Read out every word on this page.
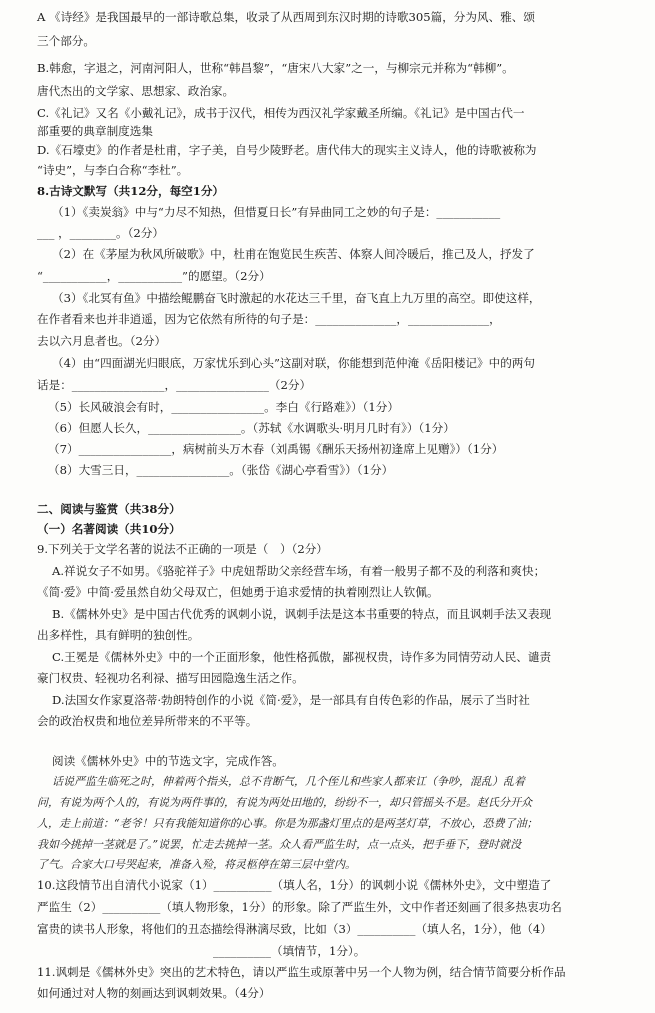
A 《诗经》是我国最早的一部诗歌总集，收录了从西周到东汉时期的诗歌305篇，分为风、雅、颂
三个部分。
B.韩愈，字退之，河南河阳人，世称“韩昌黎”，“唐宋八大家”之一，与柳宗元并称为“韩柳”。
唐代杰出的文学家、思想家、政治家。
C.《礼记》又名《小戴礼记》，成书于汉代，相传为西汉礼学家戴圣所编。《礼记》是中国古代一
部重要的典章制度选集
D.《石壕吏》的作者是杜甫，字子美，自号少陵野老。唐代伟大的现实主义诗人，他的诗歌被称为
“诗史”，与李白合称“李杜”。
8.古诗文默写（共12分，每空1分）
（1）《卖炭翁》中与“力尽不知热，但惜夏日长”有异曲同工之妙的句子是：___________
___ ，________。（2分）
（2）在《茅屋为秋风所破歌》中，杜甫在饱览民生疾苦、体察人间冷暖后，推己及人，抒发了
“___________，___________”的愿望。（2分）
（3）《北冥有鱼》中描绘鲲鹏奋飞时激起的水花达三千里，奋飞直上九万里的高空。即使这样，
在作者看来也并非逍遥，因为它依然有所待的句子是：______________，______________，
去以六月息者也。（2分）
（4）由“四面湖光归眼底，万家忧乐到心头”这副对联，你能想到范仲淹《岳阳楼记》中的两句
话是：________________，________________（2分）
（5）长风破浪会有时，________________。李白《行路难》）（1分）
（6）但愿人长久，________________。（苏轼《水调歌头·明月几时有》）（1分）
（7）________________，病树前头万木春（刘禹锡《酬乐天扬州初逢席上见赠》）（1分）
（8）大雪三日，________________。（张岱《湖心亭看雪》）（1分）
二、阅读与鉴赏（共38分）
（一）名著阅读（共10分）
9.下列关于文学名著的说法不正确的一项是（　）（2分）
A.祥说女子不如男。《骆驼祥子》中虎妞帮助父亲经营车场，有着一般男子都不及的利落和爽快；
《简·爱》中简·爱虽然自幼父母双亡，但她勇于追求爱情的执着刚烈让人钦佩。
B.《儒林外史》是中国古代优秀的讽刺小说，讽刺手法是这本书重要的特点，而且讽刺手法又表现
出多样性，具有鲜明的独创性。
C.王冕是《儒林外史》中的一个正面形象，他性格孤傲，鄙视权贵，诗作多为同情劳动人民、谴责
豪门权贵、轻视功名利禄、描写田园隐逸生活之作。
D.法国女作家夏洛蒂·勃朗特创作的小说《简·爱》，是一部具有自传色彩的作品，展示了当时社
会的政治权贵和地位差异所带来的不平等。
阅读《儒林外史》中的节选文字，完成作答。
话说严监生临死之时，伸着两个指头，总不肯断气，几个侄儿和些家人都来讧（争吵，混乱）乱着
问，有说为两个人的，有说为两件事的，有说为两处田地的，纷纷不一，却只管摇头不是。赵氏分开众
人，走上前道：“老爷！只有我能知道你的心事。你是为那盏灯里点的是两茎灯草，不放心，恐费了油；
我如今挑掉一茎就是了。”说罢，忙走去挑掉一茎。众人看严监生时，点一点头，把手垂下，登时就没
了气。合家大口号哭起来，准备入殓，将灵柩停在第三层中堂内。
10.这段情节出自清代小说家（1）__________（填人名，1分）的讽刺小说《儒林外史》，文中塑造了
严监生（2）__________（填人物形象，1分）的形象。除了严监生外，文中作者还刻画了很多热衷功名
富贵的读书人形象，将他们的丑态描绘得淋漓尽致，比如（3）__________（填人名，1分），他（4）
__________（填情节，1分）。
11.讽刺是《儒林外史》突出的艺术特色，请以严监生或原著中另一个人物为例，结合情节简要分析作品
如何通过对人物的刻画达到讽刺效果。（4分）
